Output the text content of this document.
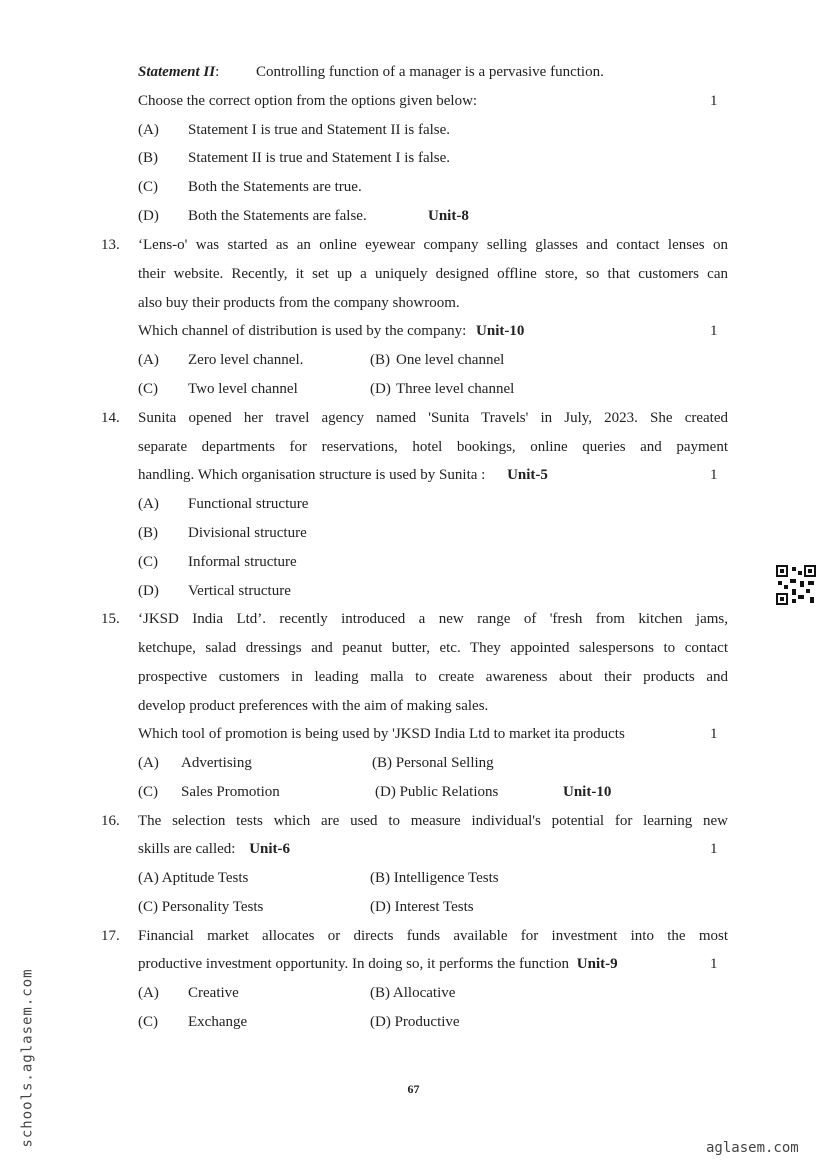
Statement II: Controlling function of a manager is a pervasive function.
Choose the correct option from the options given below:	1
(A) Statement I is true and Statement II is false.
(B) Statement II is true and Statement I is false.
(C) Both the Statements are true.
(D) Both the Statements are false.	Unit-8
13. ‘Lens-o' was started as an online eyewear company selling glasses and contact lenses on
their website. Recently, it set up a uniquely designed offline store, so that customers can
also buy their products from the company showroom.
Which channel of distribution is used by the company: Unit-10	1
(A) Zero level channel.	(B) One level channel
(C) Two level channel	(D) Three level channel
14. Sunita opened her travel agency named 'Sunita Travels' in July, 2023. She created
separate departments for reservations, hotel bookings, online queries and payment
handling. Which organisation structure is used by Sunita : Unit-5	1
(A) Functional structure
(B) Divisional structure
(C) Informal structure
(D) Vertical structure
15. ‘JKSD India Ltd’. recently introduced a new range of 'fresh from kitchen jams,
ketchupe, salad dressings and peanut butter, etc. They appointed salespersons to contact
prospective customers in leading malla to create awareness about their products and
develop product preferences with the aim of making sales.
Which tool of promotion is being used by 'JKSD India Ltd to market ita products	1
(A) Advertising	(B) Personal Selling
(C) Sales Promotion	(D) Public Relations	Unit-10
16. The selection tests which are used to measure individual's potential for learning new
skills are called: Unit-6	1
(A) Aptitude Tests	(B) Intelligence Tests
(C) Personality Tests	(D) Interest Tests
17. Financial market allocates or directs funds available for investment into the most
productive investment opportunity. In doing so, it performs the function Unit-9	1
(A) Creative	(B) Allocative
(C) Exchange	(D) Productive
67
schools.aglasem.com
aglasem.com
